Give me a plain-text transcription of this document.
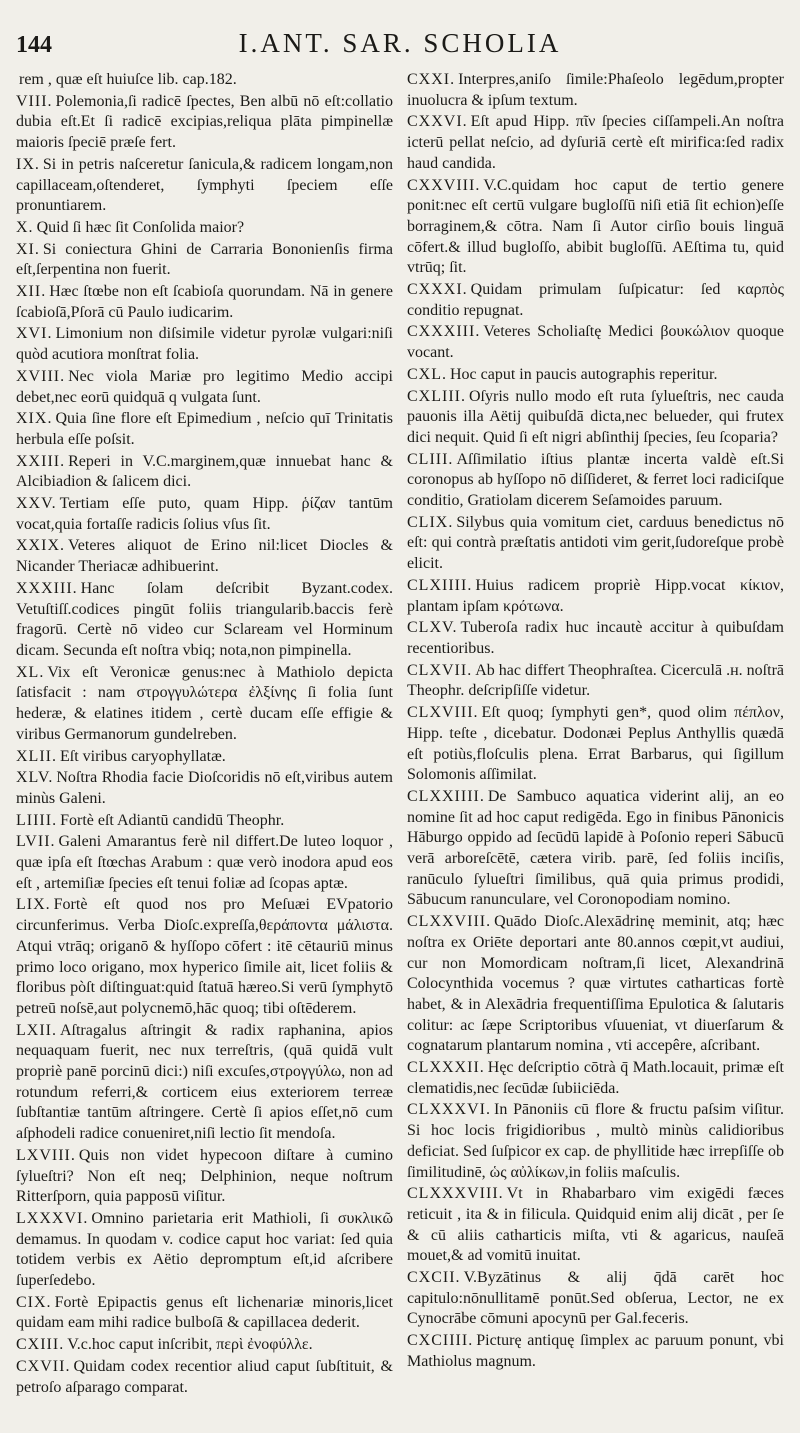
144	I.ANT. SAR. SCHOLIA

rem , quæ eſt huiuſce lib. cap.182.

VIII. Polemonia,ſi radicē ſpectes, Ben albū nō eſt:collatio dubia eſt.Et ſi radicē excipias,reliqua plāta pimpinellæ maioris ſpeciē præſe fert.

IX. Si in petris naſceretur ſanicula,& radicem longam,non capillaceam,oſtenderet, ſymphyti ſpeciem eſſe pronuntiarem.

X. Quid ſi hæc ſit Conſolida maior?

XI. Si coniectura Ghini de Carraria Bononienſis firma eſt,ſerpentina non fuerit.

XII. Hæc ſtœbe non eſt ſcabioſa quorundam. Nā in genere ſcabioſā,Pſorā cū Paulo iudicarim.

XVI. Limonium non diſsimile videtur pyrolæ vulgari:niſi quòd acutiora monſtrat folia.

XVIII. Nec viola Mariæ pro legitimo Medio accipi debet,nec eorū quidquā q vulgata ſunt.

XIX. Quia ſine flore eſt Epimedium , neſcio quī Trinitatis herbula eſſe poſsit.

XXIII. Reperi in V.C.marginem,quæ innuebat hanc & Alcibiadion & ſalicem dici.

XXV. Tertiam eſſe puto, quam Hipp. ῥίζαν tantūm vocat,quia fortaſſe radicis ſolius vſus ſit.

XXIX. Veteres aliquot de Erino nil:licet Diocles & Nicander Theriacæ adhibuerint.

XXXIII. Hanc ſolam deſcribit Byzant.codex. Vetuſtiſſ.codices pingūt foliis triangularib.baccis ferè fragorū. Certè nō video cur Sclaream vel Horminum dicam. Secunda eſt noſtra vbiq; nota,non pimpinella.

XL. Vix eſt Veronicæ genus:nec à Mathiolo depicta ſatisfacit : nam στρογγυλώτερα ἐλξίνης ſi folia ſunt hederæ, & elatines itidem , certè ducam eſſe effigie & viribus Germanorum gundelreben.

XLII. Eſt viribus caryophyllatæ.

XLV. Noſtra Rhodia facie Dioſcoridis nō eſt,viribus autem minùs Galeni.

LIIII. Fortè eſt Adiantū candidū Theophr.

LVII. Galeni Amarantus ferè nil differt.De luteo loquor , quæ ipſa eſt ſtœchas Arabum : quæ verò inodora apud eos eſt , artemiſiæ ſpecies eſt tenui foliæ ad ſcopas aptæ.

LIX. Fortè eſt quod nos pro Meſuæi EVpatorio circunferimus. Verba Dioſc.expreſſa,θεράποντα μάλιστα. Atqui vtrāq; origanō & hyſſopo cōfert : itē cētauriū minus primo loco origano, mox hyperico ſimile ait, licet foliis & floribus pòſt diſtinguat:quid ſtatuā hæreo.Si verū ſymphytō petreū noſsē,aut polycnemō,hāc quoq; tibi oſtēderem.

LXII. Aſtragalus aſtringit & radix raphanina, apios nequaquam fuerit, nec nux terreſtris, (quā quidā vult propriè panē porcinū dici:) niſi excuſes,στρογγύλω, non ad rotundum referri,& corticem eius exteriorem terreæ ſubſtantiæ tantūm aſtringere. Certè ſi apios eſſet,nō cum aſphodeli radice conueniret,niſi lectio ſit mendoſa.

LXVIII. Quis non videt hypecoon diſtare à cumino ſylueſtri? Non eſt neq; Delphinion, neque noſtrum Ritterſporn, quia papposū viſitur.

LXXXVI. Omnino parietaria erit Mathioli, ſi συκλικῶ demamus. In quodam v. codice caput hoc variat: ſed quia totidem verbis ex Aëtio depromptum eſt,id aſcribere ſuperſedebo.

CIX. Fortè Epipactis genus eſt lichenariæ minoris,licet quidam eam mihi radice bulboſā & capillacea dederit.

CXIII. V.c.hoc caput inſcribit, περὶ ἐνοφύλλε.

CXVII. Quidam codex recentior aliud caput ſubſtituit, & petroſo aſparago comparat.

CXXI. Interpres,aniſo ſimile:Phaſeolo legēdum,propter inuolucra & ipſum textum.

CXXVI. Eſt apud Hipp. πῖν ſpecies ciſſampeli.An noſtra icterū pellat neſcio, ad dyſuriā certè eſt mirifica:ſed radix haud candida.

CXXVIII. V.C.quidam hoc caput de tertio genere ponit:nec eſt certū vulgare bugloſſū niſi etiā ſit echion)eſſe borraginem,& cōtra. Nam ſi Autor cirſio bouis linguā cōfert.& illud bugloſſo, abibit bugloſſū. AEſtima tu, quid vtrūq; ſit.

CXXXI. Quidam primulam ſuſpicatur: ſed καρπὸς conditio repugnat.

CXXXIII. Veteres Scholiaſtę Medici βουκώλιον quoque vocant.

CXL. Hoc caput in paucis autographis reperitur.

CXLIII. Oſyris nullo modo eſt ruta ſylueſtris, nec cauda pauonis illa Aëtij quibuſdā dicta,nec belueder, qui frutex dici nequit. Quid ſi eſt nigri abſinthij ſpecies, ſeu ſcoparia?

CLIII. Aſſimilatio iſtius plantæ incerta valdè eſt.Si coronopus ab hyſſopo nō diſſideret, & ferret loci radiciſque conditio, Gratiolam dicerem Seſamoides paruum.

CLIX. Silybus quia vomitum ciet, carduus benedictus nō eſt: qui contrà præſtatis antidoti vim gerit,ſudoreſque probè elicit.

CLXIIII. Huius radicem propriè Hipp.vocat κίκιον, plantam ipſam κρότωνα.

CLXV. Tuberoſa radix huc incautè accitur à quibuſdam recentioribus.

CLXVII. Ab hac differt Theophraſtea. Cicerculā .н. noſtrā Theophr. deſcripſiſſe videtur.

CLXVIII. Eſt quoq; ſymphyti gen*, quod olim πέπλον, Hipp. teſte , dicebatur. Dodonæi Peplus Anthyllis quædā eſt potiùs,floſculis plena. Errat Barbarus, qui ſigillum Solomonis aſſimilat.

CLXXIIII. De Sambuco aquatica viderint alij, an eo nomine ſit ad hoc caput redigēda. Ego in finibus Pānonicis Hāburgo oppido ad ſecūdū lapidē à Poſonio reperi Sābucū verā arboreſcētē, cætera virib. parē, ſed foliis inciſis, ranūculo ſylueſtri ſimilibus, quā quia primus prodidi, Sābucum ranunculare, vel Coronopodiam nomino.

CLXXVIII. Quādo Dioſc.Alexādrinę meminit, atq; hæc noſtra ex Oriēte deportari ante 80.annos cœpit,vt audiui, cur non Momordicam noſtram,ſi licet, Alexandrinā Colocynthida vocemus ? quæ virtutes catharticas fortè habet, & in Alexādria frequentiſſima Epulotica & ſalutaris colitur: ac ſæpe Scriptoribus vſuueniat, vt diuerſarum & cognatarum plantarum nomina , vti accepêre, aſcribant.

CLXXXII. Hęc deſcriptio cōtrà q̄ Math.locauit, primæ eſt clematidis,nec ſecūdæ ſubiiciēda.

CLXXXVI. In Pānoniis cū flore & fructu paſsim viſitur. Si hoc locis frigidioribus , multò minùs calidioribus deficiat. Sed ſuſpicor ex cap. de phyllitide hæc irrepſiſſe ob ſimilitudinē, ὡς αὐλίκων,in foliis maſculis.

CLXXXVIII. Vt in Rhabarbaro vim exigēdi fæces reticuit , ita & in filicula. Quidquid enim alij dicāt , per ſe & cū aliis catharticis miſta, vti & agaricus, nauſeā mouet,& ad vomitū inuitat.

CXCII. V.Byzātinus & alij q̄dā carēt hoc capitulo:nōnullitamē ponūt.Sed obſerua, Lector, ne ex Cynocrābe cōmuni apocynū per Gal.feceris.

CXCIIII. Picturę antiquę ſimplex ac paruum ponunt, vbi Mathiolus magnum.
